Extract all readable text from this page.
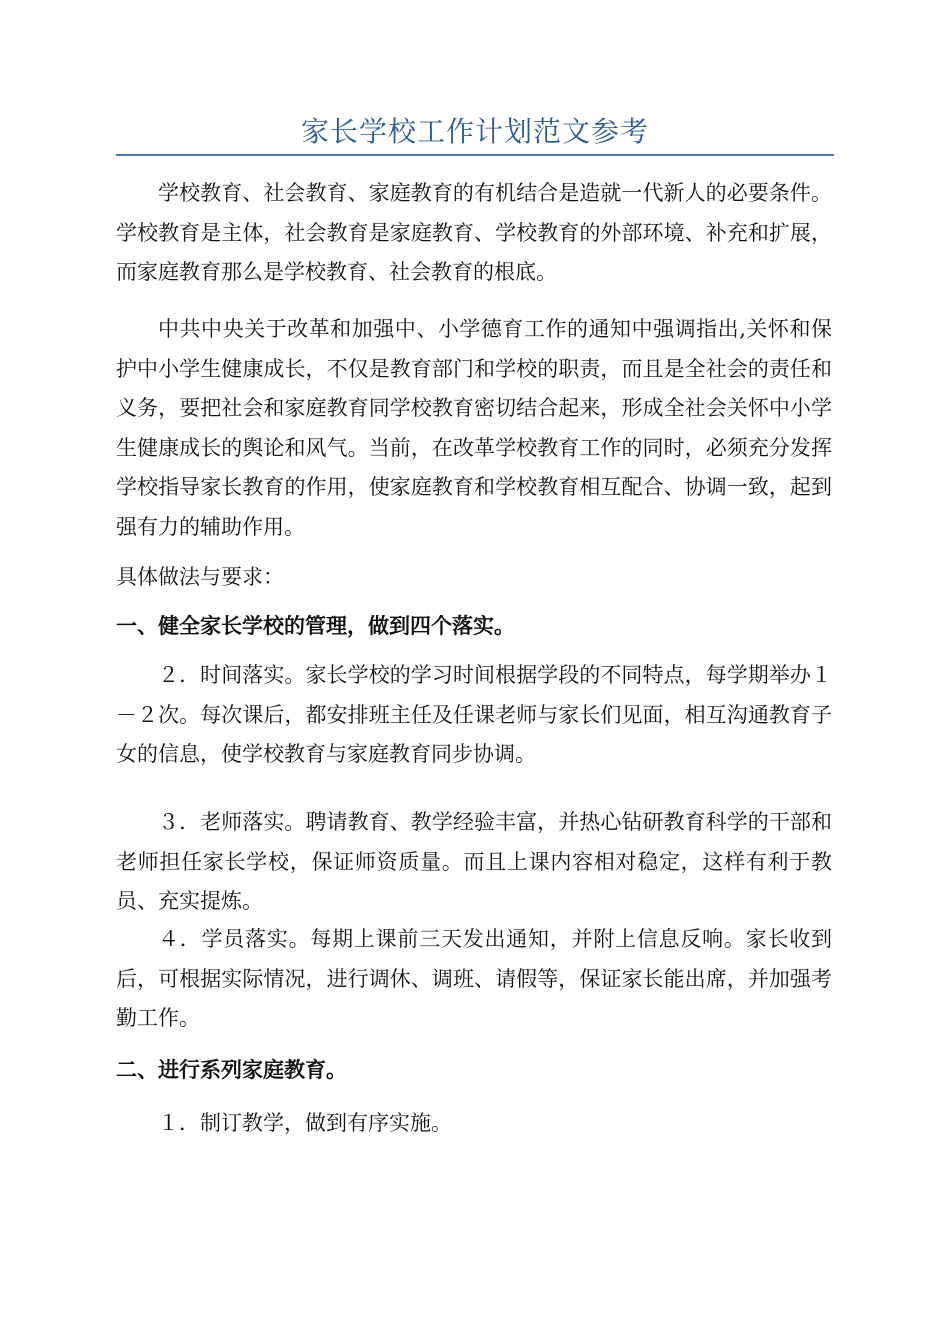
家长学校工作计划范文参考
学校教育、社会教育、家庭教育的有机结合是造就一代新人的必要条件。学校教育是主体，社会教育是家庭教育、学校教育的外部环境、补充和扩展，而家庭教育那么是学校教育、社会教育的根底。
中共中央关于改革和加强中、小学德育工作的通知中强调指出,关怀和保护中小学生健康成长，不仅是教育部门和学校的职责，而且是全社会的责任和义务，要把社会和家庭教育同学校教育密切结合起来，形成全社会关怀中小学生健康成长的舆论和风气。当前，在改革学校教育工作的同时，必须充分发挥学校指导家长教育的作用，使家庭教育和学校教育相互配合、协调一致，起到强有力的辅助作用。
具体做法与要求：
一、健全家长学校的管理，做到四个落实。
２．时间落实。家长学校的学习时间根据学段的不同特点，每学期举办１－２次。每次课后，都安排班主任及任课老师与家长们见面，相互沟通教育子女的信息，使学校教育与家庭教育同步协调。
３．老师落实。聘请教育、教学经验丰富，并热心钻研教育科学的干部和老师担任家长学校，保证师资质量。而且上课内容相对稳定，这样有利于教员、充实提炼。
４．学员落实。每期上课前三天发出通知，并附上信息反响。家长收到后，可根据实际情况，进行调休、调班、请假等，保证家长能出席，并加强考勤工作。
二、进行系列家庭教育。
１．制订教学，做到有序实施。
